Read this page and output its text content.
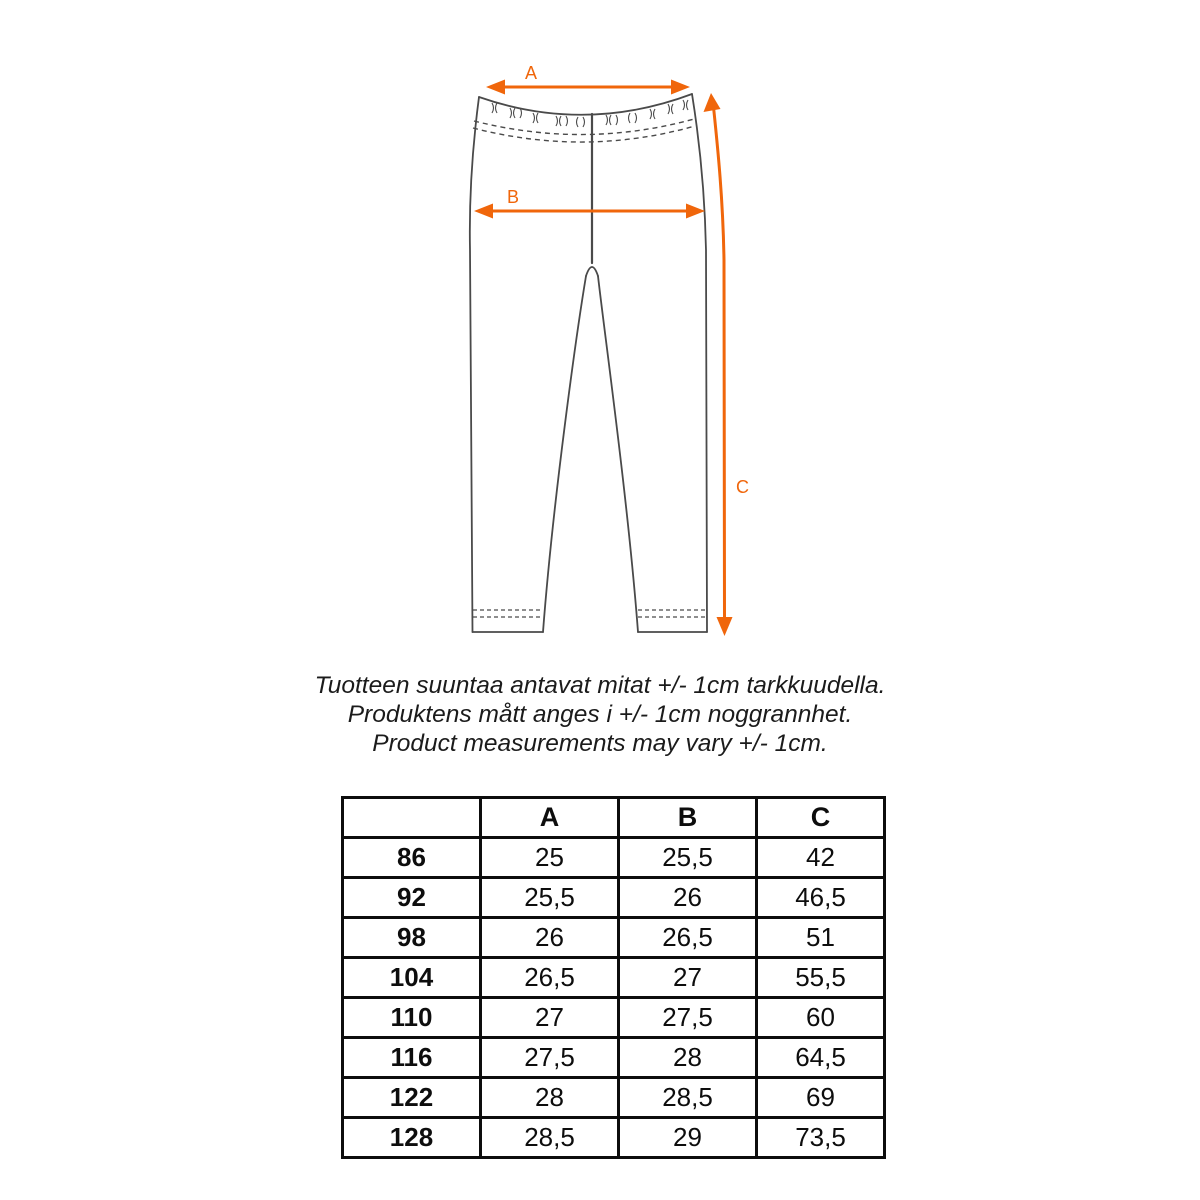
A
B
C
Tuotteen suuntaa antavat mitat +/- 1cm tarkkuudella.
Produktens mått anges i +/- 1cm noggrannhet.
Product measurements may vary +/- 1cm.
	A	B	C
86	25	25,5	42
92	25,5	26	46,5
98	26	26,5	51
104	26,5	27	55,5
110	27	27,5	60
116	27,5	28	64,5
122	28	28,5	69
128	28,5	29	73,5
